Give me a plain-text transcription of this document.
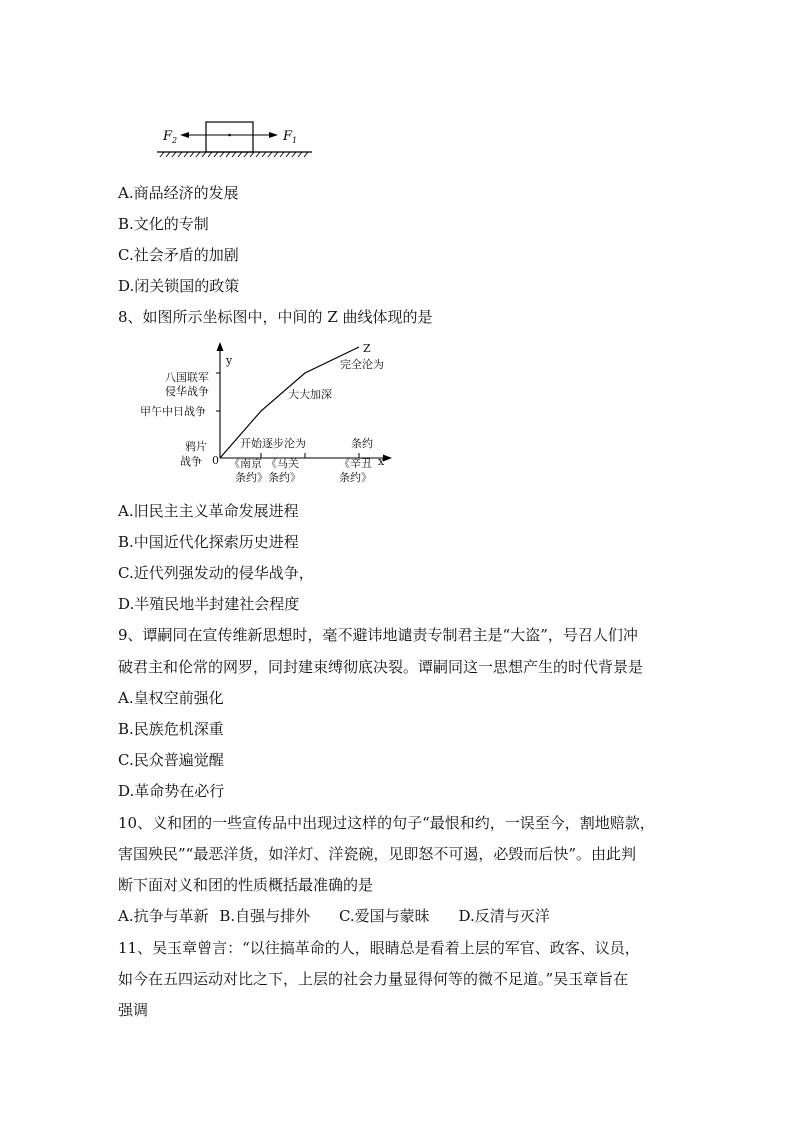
$F_2$	$F_1$
A.商品经济的发展
B.文化的专制
C.社会矛盾的加剧
D.闭关锁国的政策
8、如图所示坐标图中，中间的 Z 曲线体现的是
y
x
0
Z
八国联军
侵华战争
甲午中日战争
鸦片
战争
开始逐步沦为
大大加深
完全沦为
条约
《南京
条约》
《马关
条约》
《辛丑
条约》
A.旧民主主义革命发展进程
B.中国近代化探索历史进程
C.近代列强发动的侵华战争，
D.半殖民地半封建社会程度
9、谭嗣同在宣传维新思想时，毫不避讳地谴责专制君主是“大盗”，号召人们冲
破君主和伦常的网罗，同封建束缚彻底决裂。谭嗣同这一思想产生的时代背景是
A.皇权空前强化
B.民族危机深重
C.民众普遍觉醒
D.革命势在必行
10、义和团的一些宣传品中出现过这样的句子“最恨和约，一误至今，割地赔款，
害国殃民”“最恶洋货，如洋灯、洋瓷碗，见即怒不可遏，必毁而后快”。由此判
断下面对义和团的性质概括最准确的是
A.抗争与革新 B.自强与排外 C.爱国与蒙昧 D.反清与灭洋
11、吴玉章曾言：“以往搞革命的人，眼睛总是看着上层的军官、政客、议员，
如今在五四运动对比之下，上层的社会力量显得何等的微不足道。”吴玉章旨在
强调
